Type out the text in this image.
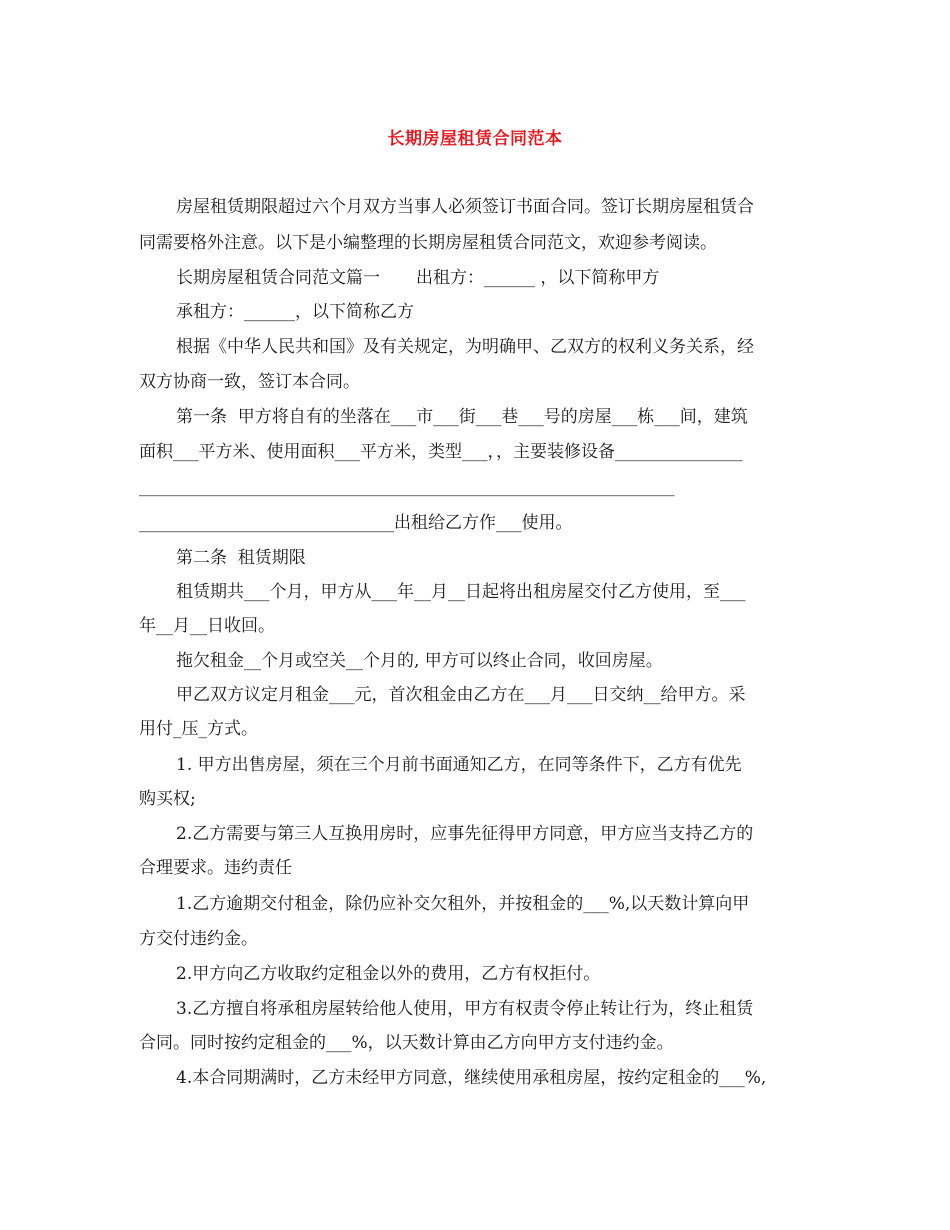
长期房屋租赁合同范本
房屋租赁期限超过六个月双方当事人必须签订书面合同。签订长期房屋租赁合
同需要格外注意。以下是小编整理的长期房屋租赁合同范文，欢迎参考阅读。
长期房屋租赁合同范文篇一 出租方：______ ，以下简称甲方
承租方：______，以下简称乙方
根据《中华人民共和国》及有关规定，为明确甲、乙双方的权利义务关系，经
双方协商一致，签订本合同。
第一条  甲方将自有的坐落在___市___街___巷___号的房屋___栋___间，建筑
面积___平方米、使用面积___平方米，类型___，，主要装修设备_______________
_______________________________________________________________
______________________________出租给乙方作___使用。
第二条  租赁期限
租赁期共___个月，甲方从___年__月__日起将出租房屋交付乙方使用，至___
年__月__日收回。
拖欠租金__个月或空关__个月的, 甲方可以终止合同，收回房屋。
甲乙双方议定月租金___元，首次租金由乙方在___月___日交纳__给甲方。采
用付_压_方式。
1. 甲方出售房屋，须在三个月前书面通知乙方，在同等条件下，乙方有优先
购买权;
2.乙方需要与第三人互换用房时，应事先征得甲方同意，甲方应当支持乙方的
合理要求。违约责任
1.乙方逾期交付租金，除仍应补交欠租外，并按租金的___%,以天数计算向甲
方交付违约金。
2.甲方向乙方收取约定租金以外的费用，乙方有权拒付。
3.乙方擅自将承租房屋转给他人使用，甲方有权责令停止转让行为，终止租赁
合同。同时按约定租金的___%，以天数计算由乙方向甲方支付违约金。
4.本合同期满时，乙方未经甲方同意，继续使用承租房屋，按约定租金的___%,
